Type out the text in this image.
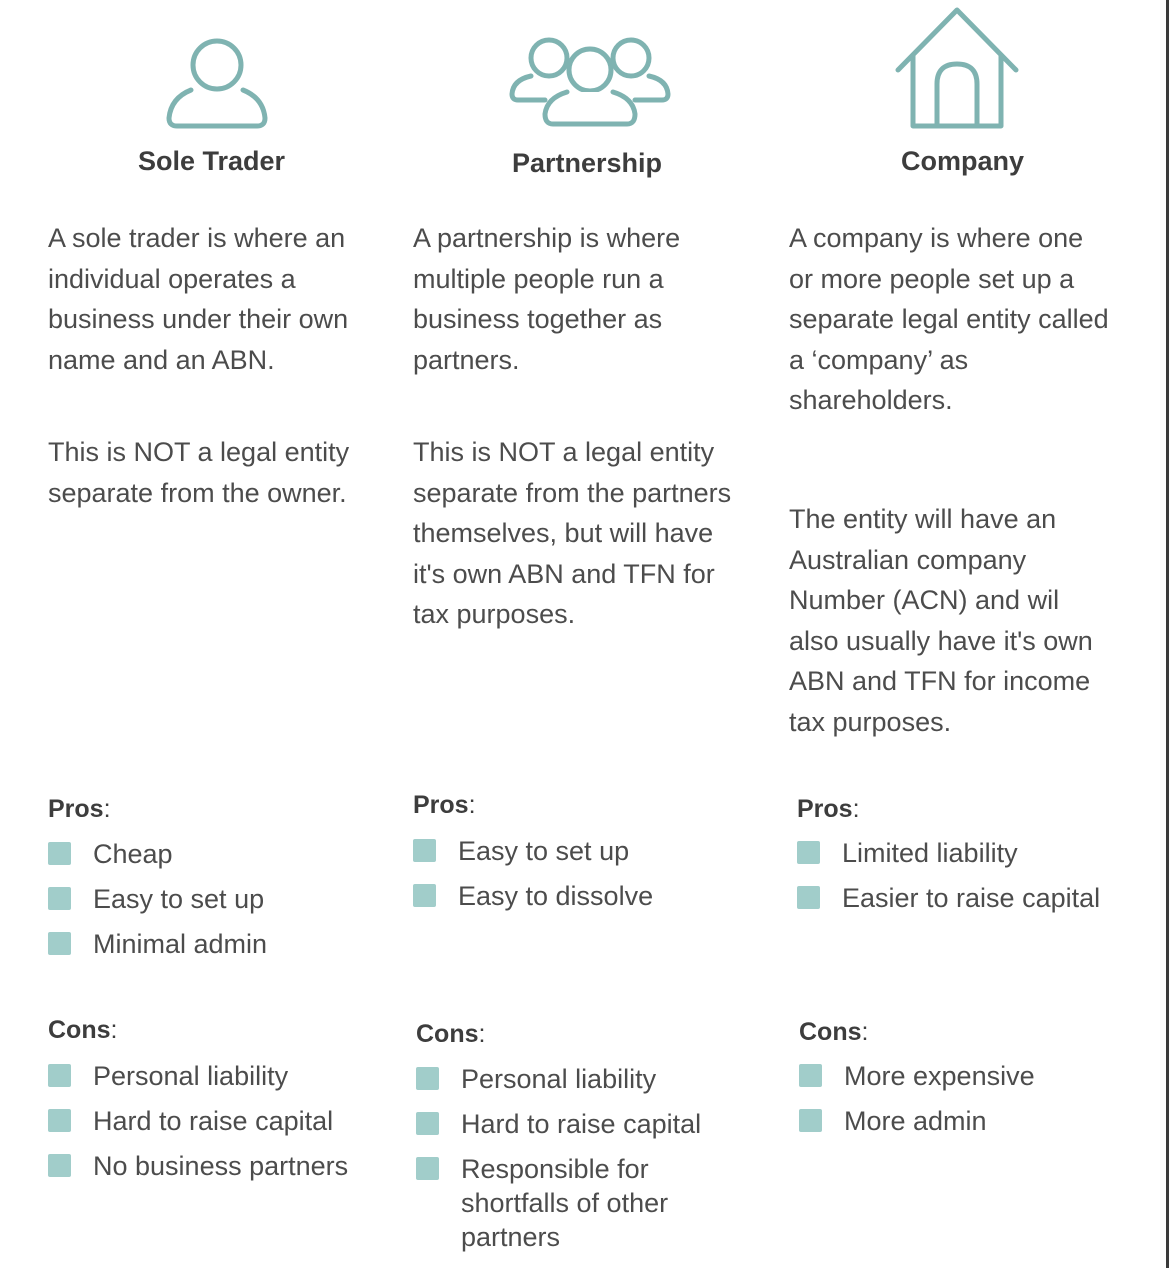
Sole Trader

A sole trader is where an individual operates a business under their own name and an ABN.

This is NOT a legal entity separate from the owner.

Pros:
Cheap
Easy to set up
Minimal admin
Cons:
Personal liability
Hard to raise capital
No business partners
Partnership

A partnership is where multiple people run a business together as partners.

This is NOT a legal entity separate from the partners themselves, but will have it's own ABN and TFN for tax purposes.

Pros:
Easy to set up
Easy to dissolve
Cons:
Personal liability
Hard to raise capital
Responsible for shortfalls of other partners
Company

A company is where one or more people set up a separate legal entity called a ‘company’ as shareholders.

The entity will have an Australian company Number (ACN) and wil also usually have it's own ABN and TFN for income tax purposes.

Pros:
Limited liability
Easier to raise capital
Cons:
More expensive
More admin
